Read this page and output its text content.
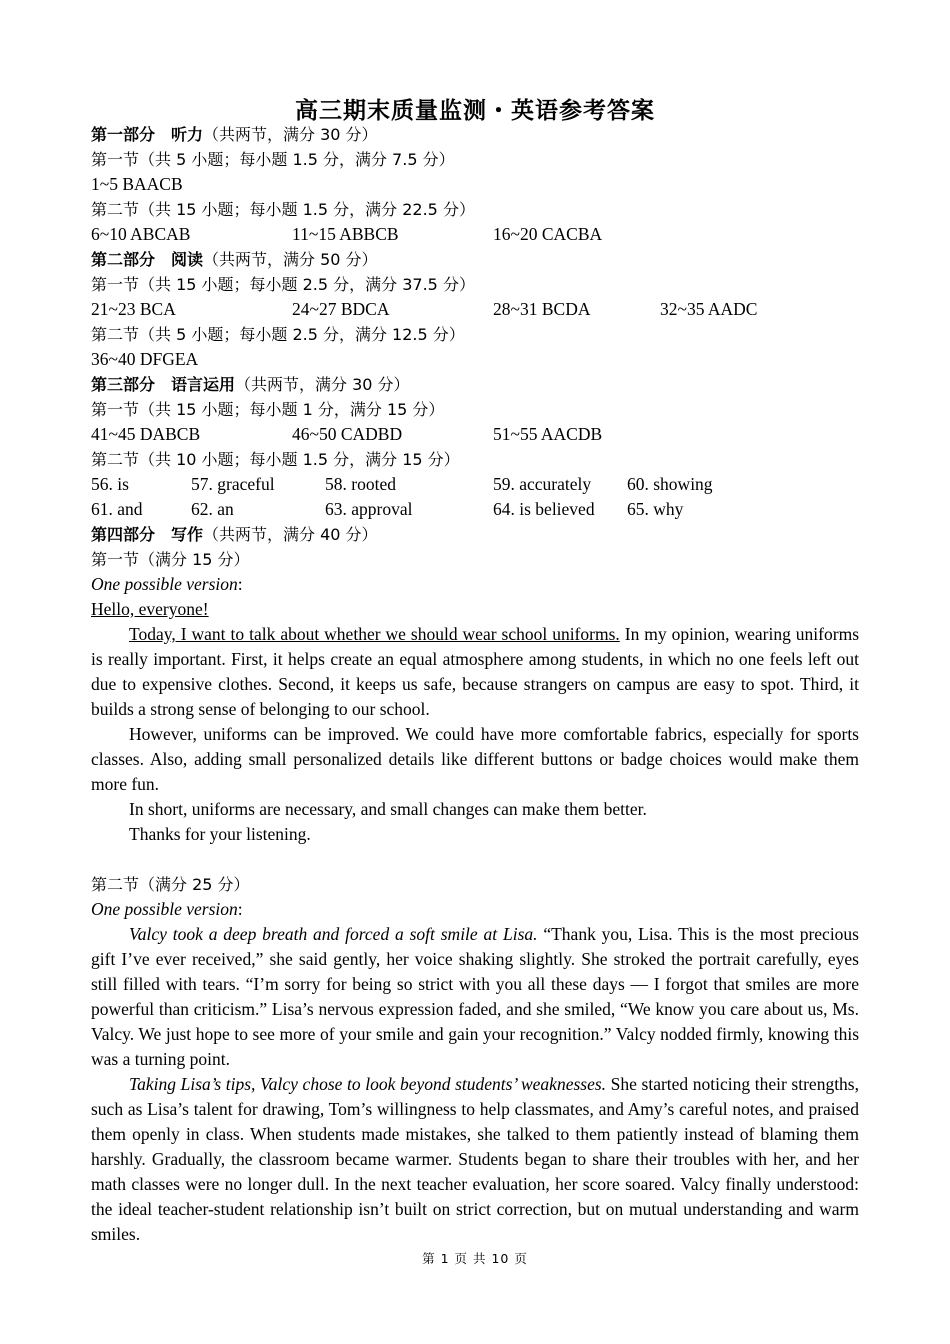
高三期末质量监测・英语参考答案
第一部分　听力（共两节，满分 30 分）
第一节（共 5 小题；每小题 1.5 分，满分 7.5 分）
1~5 BAACB
第二节（共 15 小题；每小题 1.5 分，满分 22.5 分）
6~10 ABCAB	11~15 ABBCB	16~20 CACBA
第二部分　阅读（共两节，满分 50 分）
第一节（共 15 小题；每小题 2.5 分，满分 37.5 分）
21~23 BCA	24~27 BDCA	28~31 BCDA	32~35 AADC
第二节（共 5 小题；每小题 2.5 分，满分 12.5 分）
36~40 DFGEA
第三部分　语言运用（共两节，满分 30 分）
第一节（共 15 小题；每小题 1 分，满分 15 分）
41~45 DABCB	46~50 CADBD	51~55 AACDB
第二节（共 10 小题；每小题 1.5 分，满分 15 分）
56. is	57. graceful	58. rooted	59. accurately 60. showing
61. and	62. an	63. approval	64. is believed 65. why
第四部分　写作（共两节，满分 40 分）
第一节（满分 15 分）
One possible version:
Hello, everyone!
Today, I want to talk about whether we should wear school uniforms. In my opinion, wearing uniforms is really important. First, it helps create an equal atmosphere among students, in which no one feels left out due to expensive clothes. Second, it keeps us safe, because strangers on campus are easy to spot. Third, it builds a strong sense of belonging to our school.
However, uniforms can be improved. We could have more comfortable fabrics, especially for sports classes. Also, adding small personalized details like different buttons or badge choices would make them more fun.
In short, uniforms are necessary, and small changes can make them better.
Thanks for your listening.
第二节（满分 25 分）
One possible version:
Valcy took a deep breath and forced a soft smile at Lisa. “Thank you, Lisa. This is the most precious gift I’ve ever received,” she said gently, her voice shaking slightly. She stroked the portrait carefully, eyes still filled with tears. “I’m sorry for being so strict with you all these days — I forgot that smiles are more powerful than criticism.” Lisa’s nervous expression faded, and she smiled, “We know you care about us, Ms. Valcy. We just hope to see more of your smile and gain your recognition.” Valcy nodded firmly, knowing this was a turning point.
Taking Lisa’s tips, Valcy chose to look beyond students’ weaknesses. She started noticing their strengths, such as Lisa’s talent for drawing, Tom’s willingness to help classmates, and Amy’s careful notes, and praised them openly in class. When students made mistakes, she talked to them patiently instead of blaming them harshly. Gradually, the classroom became warmer. Students began to share their troubles with her, and her math classes were no longer dull. In the next teacher evaluation, her score soared. Valcy finally understood: the ideal teacher-student relationship isn’t built on strict correction, but on mutual understanding and warm smiles.
第 1 页 共 10 页
